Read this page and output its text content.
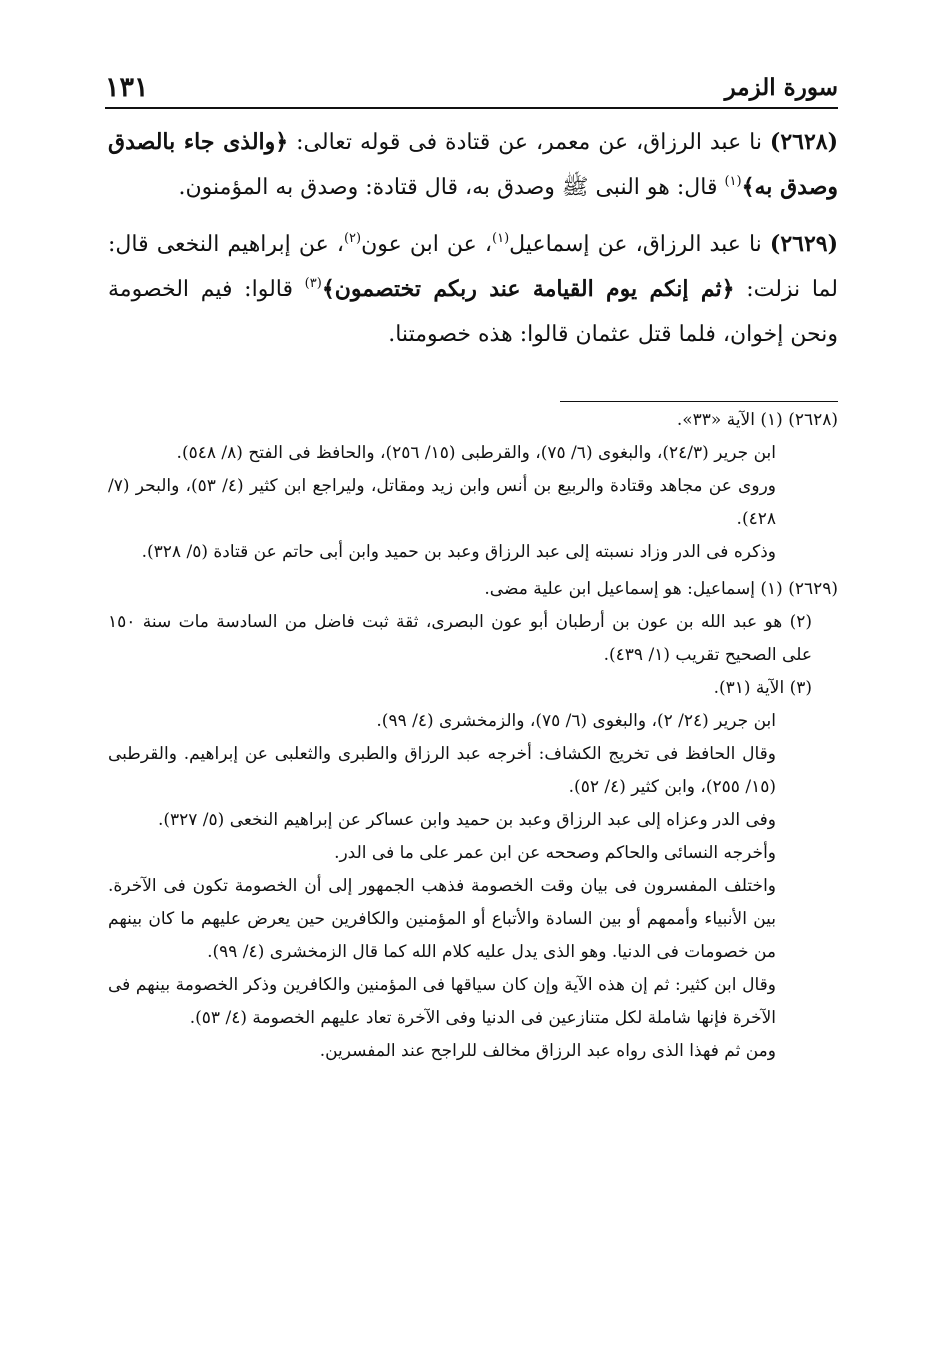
سورة الزمر
١٣١

(٢٦٢٨) نا عبد الرزاق، عن معمر، عن قتادة فى قوله تعالى: ﴿والذى جاء بالصدق وصدق به﴾$^{(١)}$ قال: هو النبى ﷺ وصدق به، قال قتادة: وصدق به المؤمنون.

(٢٦٢٩) نا عبد الرزاق، عن إسماعيل$^{(١)}$، عن ابن عون$^{(٢)}$، عن إبراهيم النخعى قال: لما نزلت: ﴿ثم إنكم يوم القيامة عند ربكم تختصمون﴾$^{(٣)}$ قالوا: فيم الخصومة ونحن إخوان، فلما قتل عثمان قالوا: هذه خصومتنا.

(٢٦٢٨) (١) الآية «٣٣».

ابن جرير (٢٤/٣)، والبغوى (٦/ ٧٥)، والقرطبى (١٥/ ٢٥٦)، والحافظ فى الفتح (٨/ ٥٤٨).

وروى عن مجاهد وقتادة والربيع بن أنس وابن زيد ومقاتل، وليراجع ابن كثير (٤/ ٥٣)، والبحر (٧/ ٤٢٨).

وذكره فى الدر وزاد نسبته إلى عبد الرزاق وعبد بن حميد وابن أبى حاتم عن قتادة (٥/ ٣٢٨).

(٢٦٢٩) (١) إسماعيل: هو إسماعيل ابن علية مضى.

(٢) هو عبد الله بن عون بن أرطبان أبو عون البصرى، ثقة ثبت فاضل من السادسة مات سنة ١٥٠ على الصحيح تقريب (١/ ٤٣٩).

(٣) الآية (٣١).

ابن جرير (٢٤/ ٢)، والبغوى (٦/ ٧٥)، والزمخشرى (٤/ ٩٩).

وقال الحافظ فى تخريج الكشاف: أخرجه عبد الرزاق والطبرى والثعلبى عن إبراهيم. والقرطبى (١٥/ ٢٥٥)، وابن كثير (٤/ ٥٢).

وفى الدر وعزاه إلى عبد الرزاق وعبد بن حميد وابن عساكر عن إبراهيم النخعى (٥/ ٣٢٧).

وأخرجه النسائى والحاكم وصححه عن ابن عمر على ما فى الدر.

واختلف المفسرون فى بيان وقت الخصومة فذهب الجمهور إلى أن الخصومة تكون فى الآخرة. بين الأنبياء وأممهم أو بين السادة والأتباع أو المؤمنين والكافرين حين يعرض عليهم ما كان بينهم من خصومات فى الدنيا. وهو الذى يدل عليه كلام الله كما قال الزمخشرى (٤/ ٩٩).

وقال ابن كثير: ثم إن هذه الآية وإن كان سياقها فى المؤمنين والكافرين وذكر الخصومة بينهم فى الآخرة فإنها شاملة لكل متنازعين فى الدنيا وفى الآخرة تعاد عليهم الخصومة (٤/ ٥٣).

ومن ثم فهذا الذى رواه عبد الرزاق مخالف للراجح عند المفسرين.
